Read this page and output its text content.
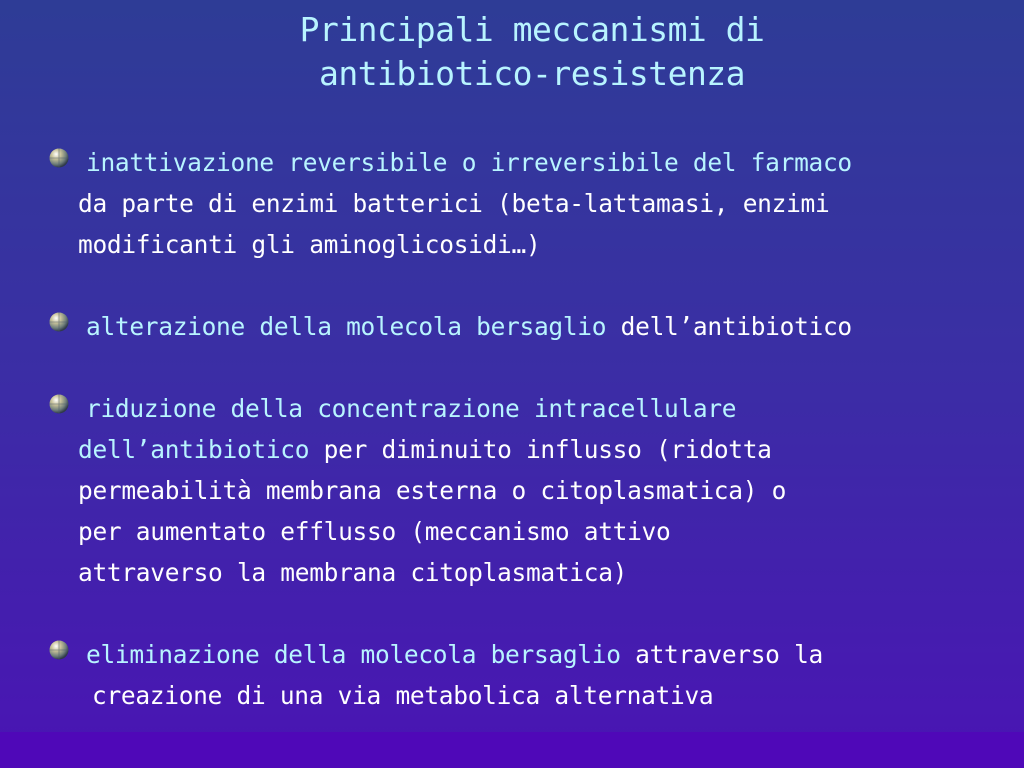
Principali meccanismi di
antibiotico-resistenza
inattivazione reversibile o irreversibile del farmaco
da parte di enzimi batterici (beta-lattamasi, enzimi
modificanti gli aminoglicosidi…)
alterazione della molecola bersaglio dell’antibiotico
riduzione della concentrazione intracellulare
dell’antibiotico per diminuito influsso (ridotta
permeabilità membrana esterna o citoplasmatica) o
per aumentato efflusso (meccanismo attivo
attraverso la membrana citoplasmatica)
eliminazione della molecola bersaglio attraverso la
creazione di una via metabolica alternativa
